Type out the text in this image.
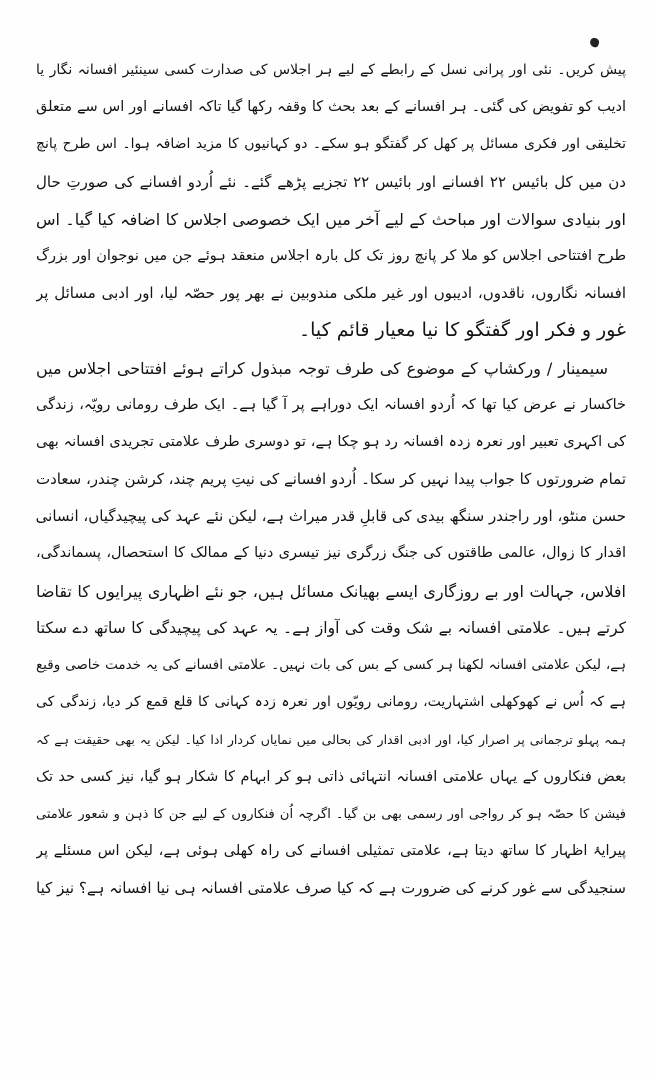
پیش کریں۔ نئی اور پرانی نسل کے رابطے کے لیے ہر اجلاس کی صدارت کسی سینئیر افسانہ نگار یا
ادیب کو تفویض کی گئی۔ ہر افسانے کے بعد بحث کا وقفہ رکھا گیا تاکہ افسانے اور اس سے متعلق
تخلیقی اور فکری مسائل پر کھل کر گفتگو ہو سکے۔ دو کہانیوں کا مزید اضافہ ہوا۔ اس طرح پانچ
دن میں کل بائیس ۲۲ افسانے اور بائیس ۲۲ تجزیے پڑھے گئے۔ نئے اُردو افسانے کی صورتِ حال
اور بنیادی سوالات اور مباحث کے لیے آخر میں ایک خصوصی اجلاس کا اضافہ کیا گیا۔ اس
طرح افتتاحی اجلاس کو ملا کر پانچ روز تک کل بارہ اجلاس منعقد ہوئے جن میں نوجوان اور بزرگ
افسانہ نگاروں، ناقدوں، ادیبوں اور غیر ملکی مندوبین نے بھر پور حصّہ لیا، اور ادبی مسائل پر
غور و فکر اور گفتگو کا نیا معیار قائم کیا۔
سیمینار / ورکشاپ کے موضوع کی طرف توجہ مبذول کراتے ہوئے افتتاحی اجلاس میں
خاکسار نے عرض کیا تھا کہ اُردو افسانہ ایک دوراہے پر آ گیا ہے۔ ایک طرف رومانی رویّہ، زندگی
کی اکہری تعبیر اور نعرہ زدہ افسانہ رد ہو چکا ہے، تو دوسری طرف علامتی تجریدی افسانہ بھی
تمام ضرورتوں کا جواب پیدا نہیں کر سکا۔ اُردو افسانے کی نیتِ پریم چند، کرشن چندر، سعادت
حسن منٹو، اور راجندر سنگھ بیدی کی قابلِ قدر میراث ہے، لیکن نئے عہد کی پیچیدگیاں، انسانی
اقدار کا زوال، عالمی طاقتوں کی جنگ زرگری نیز تیسری دنیا کے ممالک کا استحصال، پسماندگی،
افلاس، جہالت اور بے روزگاری ایسے بھیانک مسائل ہیں، جو نئے اظہاری پیرایوں کا تقاضا
کرتے ہیں۔ علامتی افسانہ بے شک وقت کی آواز ہے۔ یہ عہد کی پیچیدگی کا ساتھ دے سکتا
ہے، لیکن علامتی افسانہ لکھنا ہر کسی کے بس کی بات نہیں۔ علامتی افسانے کی یہ خدمت خاصی وقیع
ہے کہ اُس نے کھوکھلی اشتہاریت، رومانی رویّوں اور نعرہ زدہ کہانی کا قلع قمع کر دیا، زندگی کی
ہمہ پہلو ترجمانی پر اصرار کیا، اور ادبی اقدار کی بحالی میں نمایاں کردار ادا کیا۔ لیکن یہ بھی حقیقت ہے کہ
بعض فنکاروں کے یہاں علامتی افسانہ انتہائی ذاتی ہو کر ابہام کا شکار ہو گیا، نیز کسی حد تک
فیشن کا حصّہ ہو کر رواجی اور رسمی بھی بن گیا۔ اگرچہ اُن فنکاروں کے لیے جن کا ذہن و شعور علامتی
پیرایۂ اظہار کا ساتھ دیتا ہے، علامتی تمثیلی افسانے کی راہ کھلی ہوئی ہے، لیکن اس مسئلے پر
سنجیدگی سے غور کرنے کی ضرورت ہے کہ کیا صرف علامتی افسانہ ہی نیا افسانہ ہے؟ نیز کیا
